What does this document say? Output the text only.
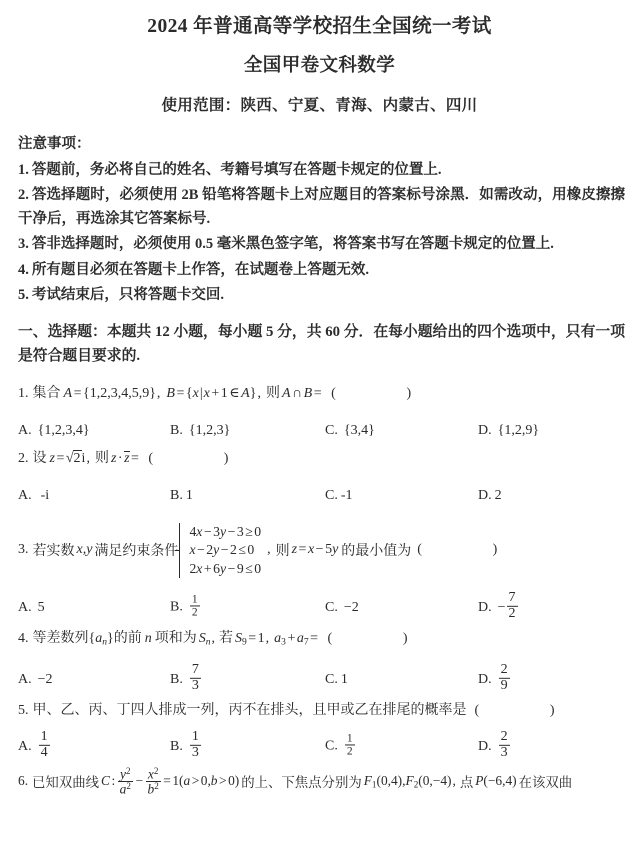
2024 年普通高等学校招生全国统一考试
全国甲卷文科数学
使用范围：陕西、宁夏、青海、内蒙古、四川
注意事项：
1. 答题前，务必将自己的姓名、考籍号填写在答题卡规定的位置上.
2. 答选择题时，必须使用 2B 铅笔将答题卡上对应题目的答案标号涂黑．如需改动，用橡皮擦擦干净后，再选涂其它答案标号.
3. 答非选择题时，必须使用 0.5 毫米黑色签字笔，将答案书写在答题卡规定的位置上.
4. 所有题目必须在答题卡上作答，在试题卷上答题无效.
5. 考试结束后，只将答题卡交回.
一、选择题：本题共 12 小题，每小题 5 分，共 60 分．在每小题给出的四个选项中，只有一项是符合题目要求的.
1. 集合 A = {1,2,3,4,5,9} , B = {x|x + 1 ∈ A} , 则 A ∩ B = ( )
A. {1,2,3,4}	B. {1,2,3}	C. {3,4}	D. {1,2,9}
2. 设 z = √2i , 则 z · z = ( )
A. -i	B. 1	C. -1	D. 2
3. 若实数 x,y 满足约束条件
4x − 3y − 3 ≥ 0
x − 2y − 2 ≤ 0
2x + 6y − 9 ≤ 0
, 则 z = x − 5y 的最小值为 ( )
A. 5	B. $\frac{1}{2}$	C. −2	D. − $\frac{7}{2}$
4. 等差数列 $\{a_n\}$ 的前 n 项和为 $S_n$ , 若 S9 = 1 , a3 + a7 = ( )
A. −2	B. $\frac{7}{3}$	C. 1	D. $\frac{2}{9}$
5. 甲、乙、丙、丁四人排成一列，丙不在排头，且甲或乙在排尾的概率是 ( )
A. $\frac{1}{4}$	B. $\frac{1}{3}$	C. $\frac{1}{2}$	D. $\frac{2}{3}$
6. 已知双曲线 C : $\frac{y^2}{a^2} - \frac{x^2}{b^2} = 1(a > 0,b > 0)$ 的上、下焦点分别为 F1(0,4) , F2(0,−4) , 点 P(−6,4) 在该双曲
